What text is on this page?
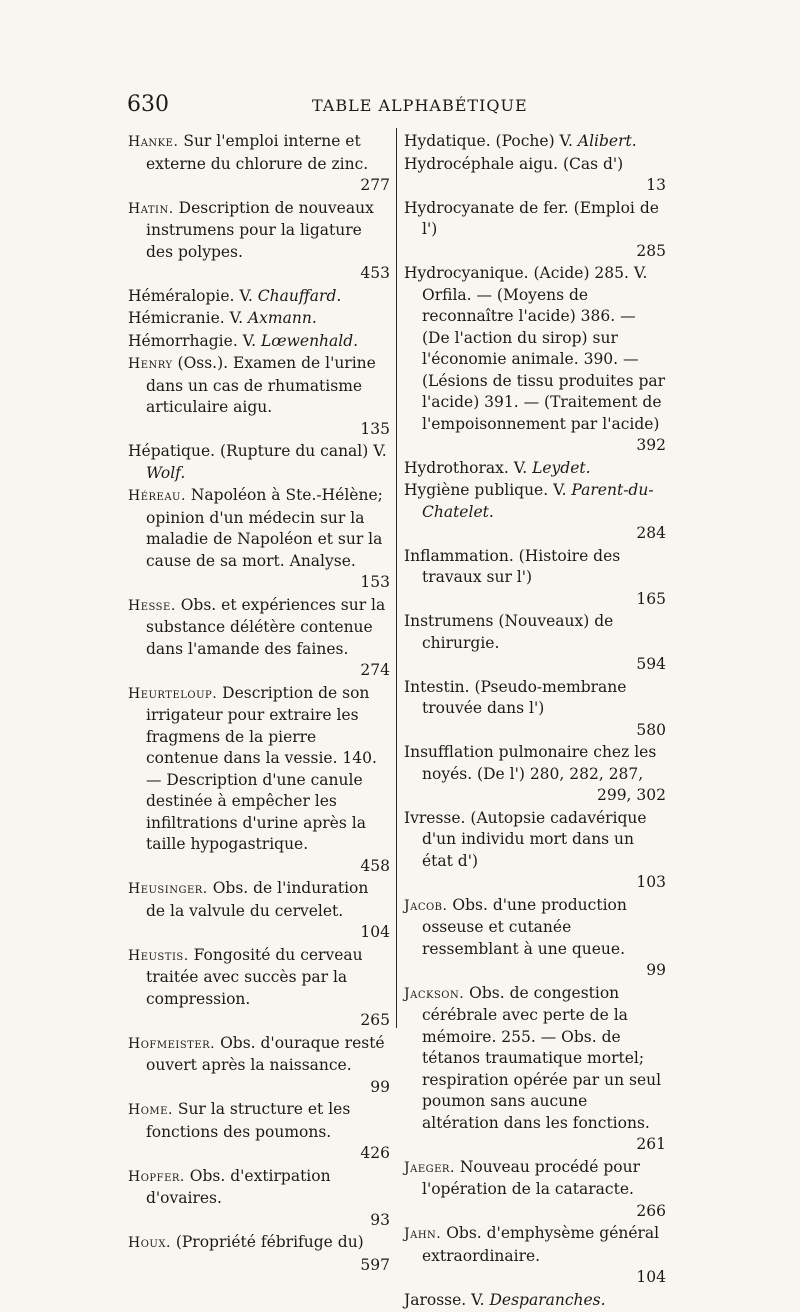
630	TABLE ALPHABÉTIQUE
Hanke. Sur l'emploi interne et externe du chlorure de zinc.
277
Hatin. Description de nouveaux instrumens pour la ligature des polypes.
453
Héméralopie. V. Chauffard.
Hémicranie. V. Axmann.
Hémorrhagie. V. Lœwenhald.
Henry (Oss.). Examen de l'urine dans un cas de rhumatisme articulaire aigu.
135
Hépatique. (Rupture du canal) V. Wolf.
Héreau. Napoléon à Ste.-Hélène; opinion d'un médecin sur la maladie de Napoléon et sur la cause de sa mort. Analyse.
153
Hesse. Obs. et expériences sur la substance délétère contenue dans l'amande des faines.
274
Heurteloup. Description de son irrigateur pour extraire les fragmens de la pierre contenue dans la vessie. 140. — Description d'une canule destinée à empêcher les infiltrations d'urine après la taille hypogastrique.
458
Heusinger. Obs. de l'induration de la valvule du cervelet.
104
Heustis. Fongosité du cerveau traitée avec succès par la compression.
265
Hofmeister. Obs. d'ouraque resté ouvert après la naissance.
99
Home. Sur la structure et les fonctions des poumons.
426
Hopfer. Obs. d'extirpation d'ovaires.
93
Houx. (Propriété fébrifuge du)
597
Hydatique. (Poche) V. Alibert.
Hydrocéphale aigu. (Cas d')
13
Hydrocyanate de fer. (Emploi de l')
285
Hydrocyanique. (Acide) 285. V. Orfila. — (Moyens de reconnaître l'acide) 386. — (De l'action du sirop) sur l'économie animale. 390. — (Lésions de tissu produites par l'acide) 391. — (Traitement de l'empoisonnement par l'acide)
392
Hydrothorax. V. Leydet.
Hygiène publique. V. Parent-du-Chatelet.
284
Inflammation. (Histoire des travaux sur l')
165
Instrumens (Nouveaux) de chirurgie.
594
Intestin. (Pseudo-membrane trouvée dans l')
580
Insufflation pulmonaire chez les noyés. (De l') 280, 282, 287,
299, 302
Ivresse. (Autopsie cadavérique d'un individu mort dans un état d')
103
Jacob. Obs. d'une production osseuse et cutanée ressemblant à une queue.
99
Jackson. Obs. de congestion cérébrale avec perte de la mémoire. 255. — Obs. de tétanos traumatique mortel; respiration opérée par un seul poumon sans aucune altération dans les fonctions.
261
Jaeger. Nouveau procédé pour l'opération de la cataracte.
266
Jahn. Obs. d'emphysème général extraordinaire.
104
Jarosse. V. Desparanches.
